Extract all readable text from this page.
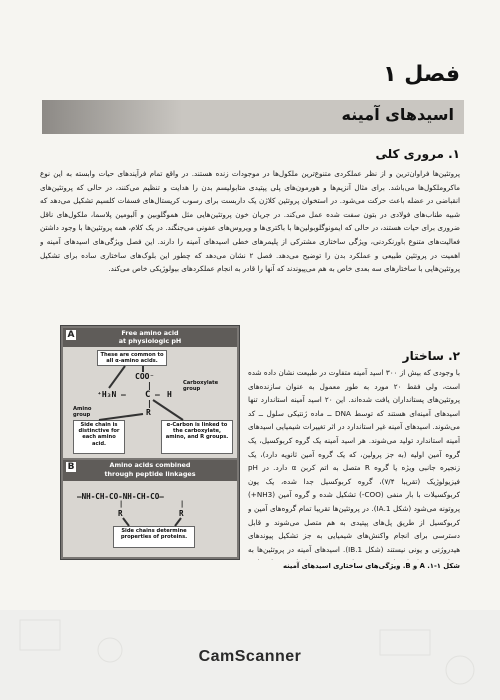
فصل ۱
اسیدهای آمینه
۱. مروری کلی
پروتئین‌ها فراوان‌ترین و از نظر عملکردی متنوع‌ترین ملکول‌ها در موجودات زنده هستند. در واقع تمام فرآیندهای حیات وابسته به این نوع ماکروملکول‌ها می‌باشد. برای مثال آنزیم‌ها و هورمون‌های پلی پپتیدی متابولیسم بدن را هدایت و تنظیم می‌کنند، در حالی که پروتئین‌های انقباضی در عضله باعث حرکت می‌شود. در استخوان پروتئین کلاژن یک داربست برای رسوب کریستال‌های فسفات کلسیم تشکیل می‌دهد که شبیه طناب‌های فولادی در بتون سفت شده عمل می‌کند. در جریان خون پروتئین‌هایی مثل هموگلوبین و آلبومین پلاسما، ملکول‌های ناقل ضروری برای حیات هستند، در حالی که ایمونوگلوبولین‌ها با باکتری‌ها و ویروس‌های عفونی می‌جنگند. در یک کلام، همه پروتئین‌ها با وجود داشتن فعالیت‌های متنوع باورنکردنی، ویژگی ساختاری مشترکی از پلیمرهای خطی اسیدهای آمینه را دارند. این فصل ویژگی‌های اسیدهای آمینه و اهمیت در پروتئین طبیعی و عملکرد بدن را توضیح می‌دهد. فصل ۲ نشان می‌دهد که چطور این بلوک‌های ساختاری ساده برای تشکیل پروتئین‌هایی با ساختارهای سه بعدی خاص به هم می‌پیوندند که آنها را قادر به انجام عملکردهای بیولوژیکی خاص می‌کند.
۲. ساختار
با وجودی که بیش از ۳۰۰ اسید آمینه متفاوت در طبیعت نشان داده شده است، ولی فقط ۲۰ مورد به طور معمول به عنوان سازنده‌های پروتئین‌های پستانداران یافت شده‌اند. این ۲۰ اسید آمینه استاندارد تنها اسیدهای آمینه‌ای هستند که توسط DNA ــ ماده ژنتیکی سلول ــ کد می‌شوند. اسیدهای آمینه غیر استاندارد در اثر تغییرات شیمیایی اسیدهای آمینه استاندارد تولید می‌شوند. هر اسید آمینه یک گروه کربوکسیل، یک گروه آمین اولیه (به جز پرولین، که یک گروه آمین ثانویه دارد)، یک زنجیره جانبی ویژه یا گروه R متصل به اتم کربن α دارد. در pH فیزیولوژیک (تقریبا ۷/۴)، گروه کربوکسیل جدا شده، یک یون کربوکسیلات با بار منفی (COO-) تشکیل شده و گروه آمین (NH3+) پروتونه می‌شود (شکل 1.IA). در پروتئین‌ها تقریبا تمام گروه‌های آمین و کربوکسیل از طریق پل‌های پپتیدی به هم متصل می‌شوند و قابل دسترسی برای انجام واکنش‌های شیمیایی به جز تشکیل پیوندهای هیدروژنی و یونی نیستند (شکل 1.IB). اسیدهای آمینه در پروتئین‌ها به
Free amino acid
at physiologic pH
A
These are common to all α-amino acids.
COO⁻
|
⁺H₃N — C — H
|
R
Carboxylate group
Amino group
Side chain is distinctive for each amino acid.
α-Carbon is linked to the carboxylate, amino, and R groups.
Amino acids combined
through peptide linkages
B
—NH-CH-CO-NH-CH-CO—
|
R
|
R
Side chains determine properties of proteins.
شکل ۱-۱. A و B. ویژگی‌های ساختاری اسیدهای آمینه
CamScanner
